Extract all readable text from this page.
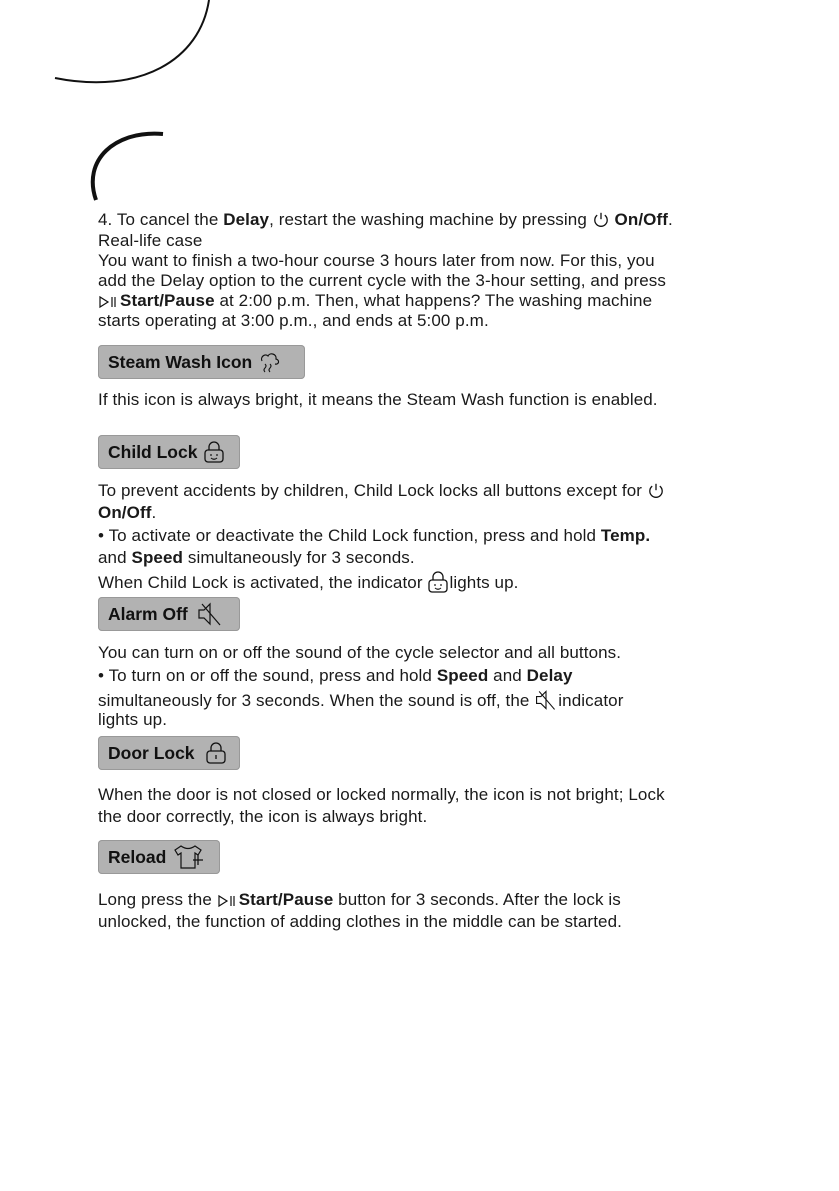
4. To cancel the Delay, restart the washing machine by pressing  On/Off.
Real-life case
You want to finish a two-hour course 3 hours later from now. For this, you
add the Delay option to the current cycle with the 3-hour setting, and press
Start/Pause at 2:00 p.m. Then, what happens? The washing machine
starts operating at 3:00 p.m., and ends at 5:00 p.m.
Steam Wash Icon
If this icon is always bright, it means the Steam Wash function is enabled.
Child Lock
To prevent accidents by children, Child Lock locks all buttons except for
On/Off.
• To activate or deactivate the Child Lock function, press and hold Temp.
and Speed simultaneously for 3 seconds.
When Child Lock is activated, the indicator lights up.
Alarm Off
You can turn on or off the sound of the cycle selector and all buttons.
• To turn on or off the sound, press and hold Speed and Delay
simultaneously for 3 seconds. When the sound is off, the indicator
lights up.
Door Lock
When the door is not closed or locked normally, the icon is not bright; Lock
the door correctly, the icon is always bright.
Reload
Long press the Start/Pause button for 3 seconds. After the lock is
unlocked, the function of adding clothes in the middle can be started.
